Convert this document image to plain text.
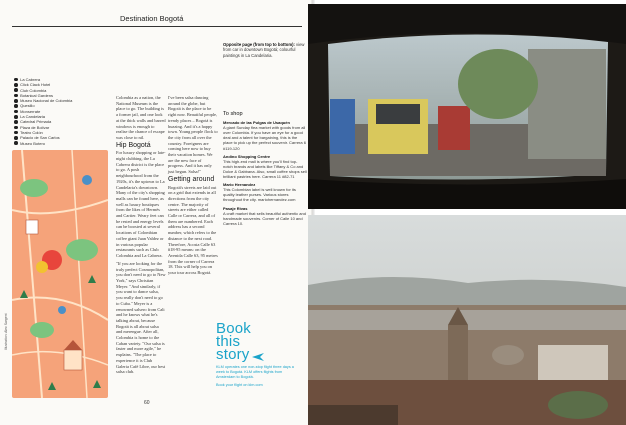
Destination Bogotá
La Cabrera
Click Clack Hotel
Club Colombia
Botanical Gardens
Museo Nacional de Colombia
Quesillo
Monserrate
La Candelaria
Catedral Primada
Plaza de Bolívar
Teatro Colón
Palacio de San Carlos
Museo Botero
Illustration: Alex Sargent

Colombia as a nation, the National Museum is the place to go. The building is a former jail, and one look at the thick walls and barred windows is enough to realise the chance of escape was close to nil.

Hip Bogotá

For luxury shopping or late-night clubbing, the La Cabrera district is the place to go. A posh neighbourhood from the 1920s, it's the uptown to La Candelaria's downtown. Many of the city's shopping malls can be found here, as well as luxury boutiques from the likes of Hermès and Cartier. Weary feet can be rested and energy levels can be boosted at several locations of Colombian coffee giant Juan Valdez or in various popular restaurants such as Club Colombia and La Cabrera.

"If you are looking for the truly perfect Cosmopolitan, you don't need to go to New York," says Christian Meyer. "And similarly, if you want to dance salsa, you really don't need to go to Cuba." Meyer is a renowned salsero from Cali and he knows what he's talking about, because Bogotá is all about salsa and merengue. After all, Colombia is home to the Caban variety. "Our salsa is faster and more agile," he explains. "The place to experience it is Club Galeria Café Libre, our best salsa club.

Opposite page (from top to bottom): view from car in downtown Bogotá; colourful paintings in La Candelaria.
To shop
Mercado de las Pulgas de Usaquén
A giant Sunday flea market with goods from all over Colombia. If you have an eye for a good deal and a talent for bargaining, this is the place to pick up the perfect souvenir. Carrera 6 #119-120
Andino Shopping Centre
This high-end mall is where you'll find top-notch brands and labels like Tiffany & Co and Dolce & Gabbana. Also, small coffee shops sell brilliant pastries here. Carrera 11 #82-71
Mario Hernandez
This Colombian label is well known for its quality leather purses. Various stores throughout the city. mariohernandez.com
Pasaje Rivas
A craft market that sells beautiful authentic and handmade souvenirs. Corner of Calle 10 and Carrera 10.
Book
this
story
KLM operates one non-stop flight three days a week to Bogotá. KLM offers flights from Amsterdam to Bogotá.
Book your flight on klm.com
60

I've been salsa dancing around the globe, but Bogotá is the place to be right now. Beautiful people, trendy places – Bogotá is buzzing. And it's a happy town. Young people flock to the city from all over the country. Foreigners are coming here now to buy their vacation homes. We are the new face of progress. And it has only just begun. Salsa!"

Getting around

Bogotá's streets are laid out on a grid that extends in all directions from the city centre. The majority of streets are either called Calle or Carrera, and all of them are numbered. Each address has a second number, which refers to the distance to the next road. Therefore, Acosta Calle 63 #18-95 means: on the Avenida Calle 63, 95 metres from the corner of Carrera 18. This will help you on your tour across Bogotá.
